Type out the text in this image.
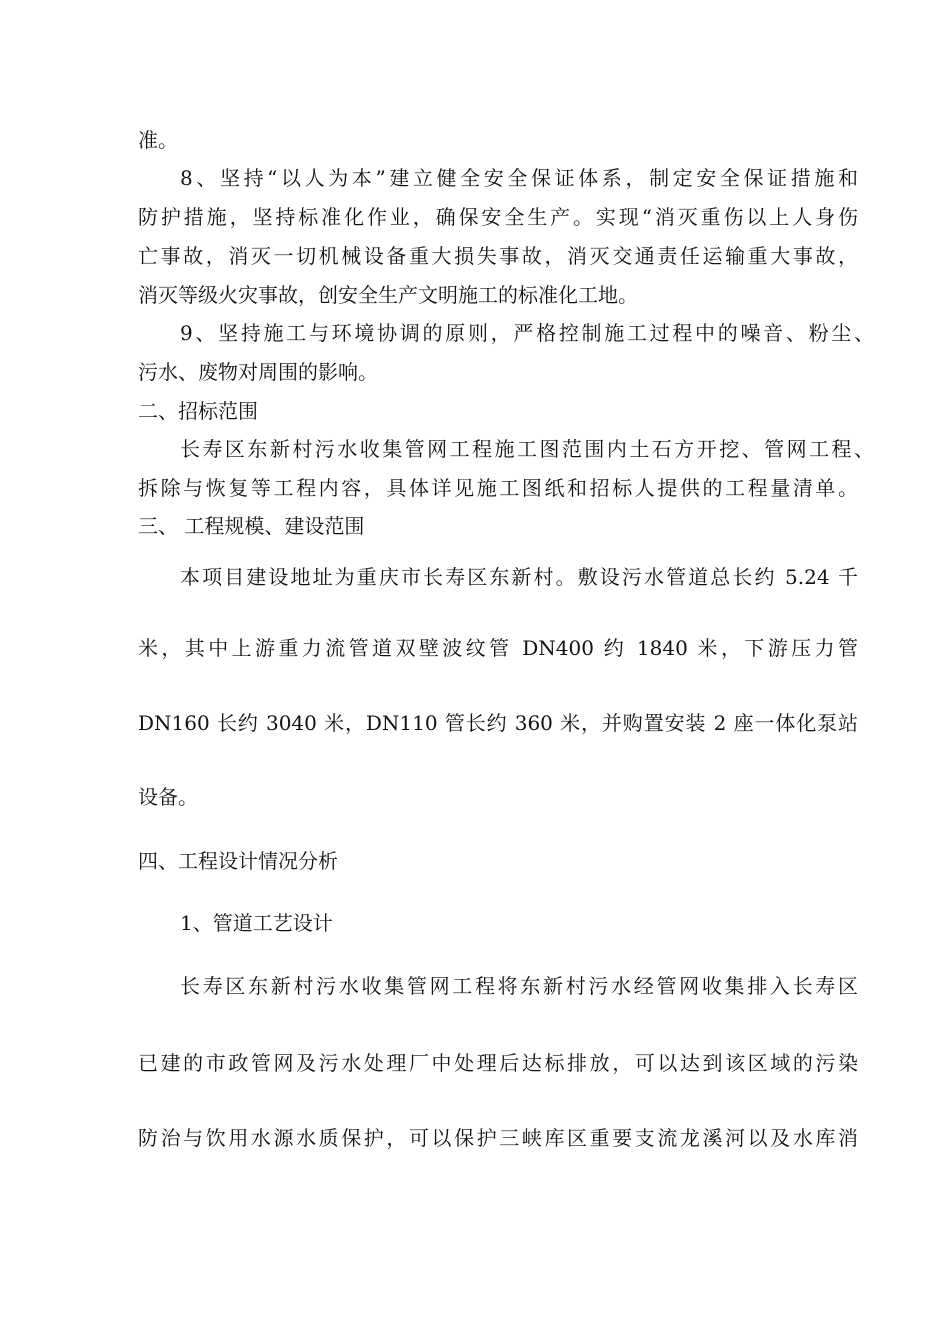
准。
8、坚持“以人为本”建立健全安全保证体系，制定安全保证措施和
防护措施，坚持标准化作业，确保安全生产。实现“消灭重伤以上人身伤
亡事故，消灭一切机械设备重大损失事故，消灭交通责任运输重大事故，
消灭等级火灾事故，创安全生产文明施工的标准化工地。
9、坚持施工与环境协调的原则，严格控制施工过程中的噪音、粉尘、
污水、废物对周围的影响。
二、招标范围
长寿区东新村污水收集管网工程施工图范围内土石方开挖、管网工程、
拆除与恢复等工程内容，具体详见施工图纸和招标人提供的工程量清单。
三、 工程规模、建设范围
本项目建设地址为重庆市长寿区东新村。敷设污水管道总长约 5.24 千
米，其中上游重力流管道双壁波纹管 DN400 约 1840 米，下游压力管
DN160 长约 3040 米，DN110 管长约 360 米，并购置安装 2 座一体化泵站
设备。
四、工程设计情况分析
1、管道工艺设计
长寿区东新村污水收集管网工程将东新村污水经管网收集排入长寿区
已建的市政管网及污水处理厂中处理后达标排放，可以达到该区域的污染
防治与饮用水源水质保护，可以保护三峡库区重要支流龙溪河以及水库消
